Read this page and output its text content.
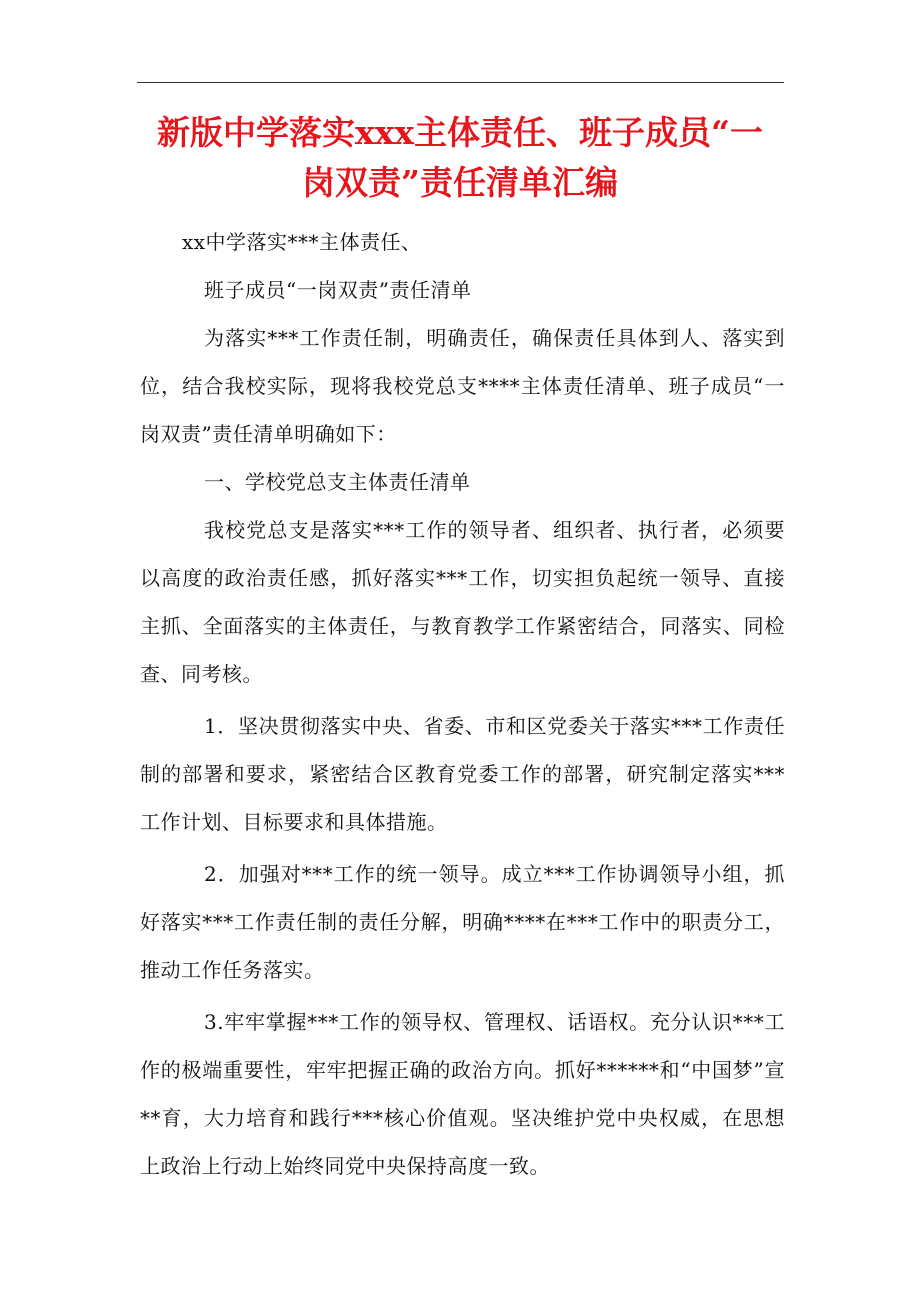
新版中学落实xxx主体责任、班子成员“一
岗双责”责任清单汇编

xx中学落实***主体责任、

班子成员“一岗双责”责任清单

为落实***工作责任制，明确责任，确保责任具体到人、落实到位，结合我校实际，现将我校党总支****主体责任清单、班子成员“一岗双责”责任清单明确如下：

一、学校党总支主体责任清单

我校党总支是落实***工作的领导者、组织者、执行者，必须要以高度的政治责任感，抓好落实***工作，切实担负起统一领导、直接主抓、全面落实的主体责任，与教育教学工作紧密结合，同落实、同检查、同考核。

1．坚决贯彻落实中央、省委、市和区党委关于落实***工作责任制的部署和要求，紧密结合区教育党委工作的部署，研究制定落实***工作计划、目标要求和具体措施。

2．加强对***工作的统一领导。成立***工作协调领导小组，抓好落实***工作责任制的责任分解，明确****在***工作中的职责分工，推动工作任务落实。

3.牢牢掌握***工作的领导权、管理权、话语权。充分认识***工作的极端重要性，牢牢把握正确的政治方向。抓好******和“中国梦”宣**育，大力培育和践行***核心价值观。坚决维护党中央权威，在思想上政治上行动上始终同党中央保持高度一致。
